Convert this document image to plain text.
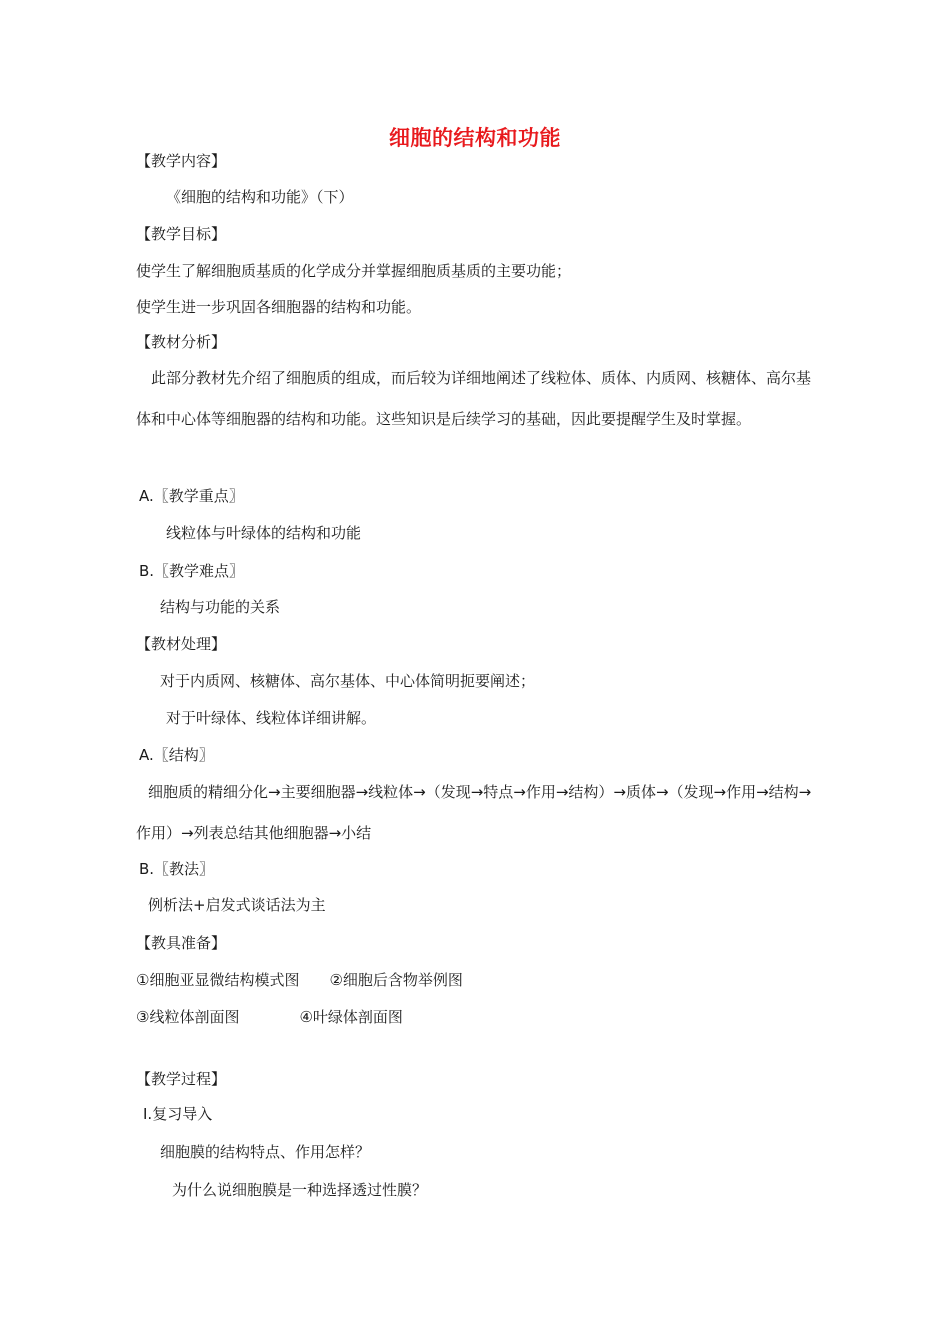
细胞的结构和功能
【教学内容】
《细胞的结构和功能》（下）
【教学目标】
使学生了解细胞质基质的化学成分并掌握细胞质基质的主要功能；
使学生进一步巩固各细胞器的结构和功能。
【教材分析】
此部分教材先介绍了细胞质的组成，而后较为详细地阐述了线粒体、质体、内质网、核糖体、高尔基体和中心体等细胞器的结构和功能。这些知识是后续学习的基础，因此要提醒学生及时掌握。
A.〖教学重点〗
线粒体与叶绿体的结构和功能
B.〖教学难点〗
结构与功能的关系
【教材处理】
对于内质网、核糖体、高尔基体、中心体简明扼要阐述；
对于叶绿体、线粒体详细讲解。
A.〖结构〗
细胞质的精细分化→主要细胞器→线粒体→（发现→特点→作用→结构）→质体→（发现→作用→结构→作用）→列表总结其他细胞器→小结
B.〖教法〗
例析法+启发式谈话法为主
【教具准备】
①细胞亚显微结构模式图 ②细胞后含物举例图
③线粒体剖面图	④叶绿体剖面图
【教学过程】
Ⅰ.复习导入
细胞膜的结构特点、作用怎样？
为什么说细胞膜是一种选择透过性膜？
